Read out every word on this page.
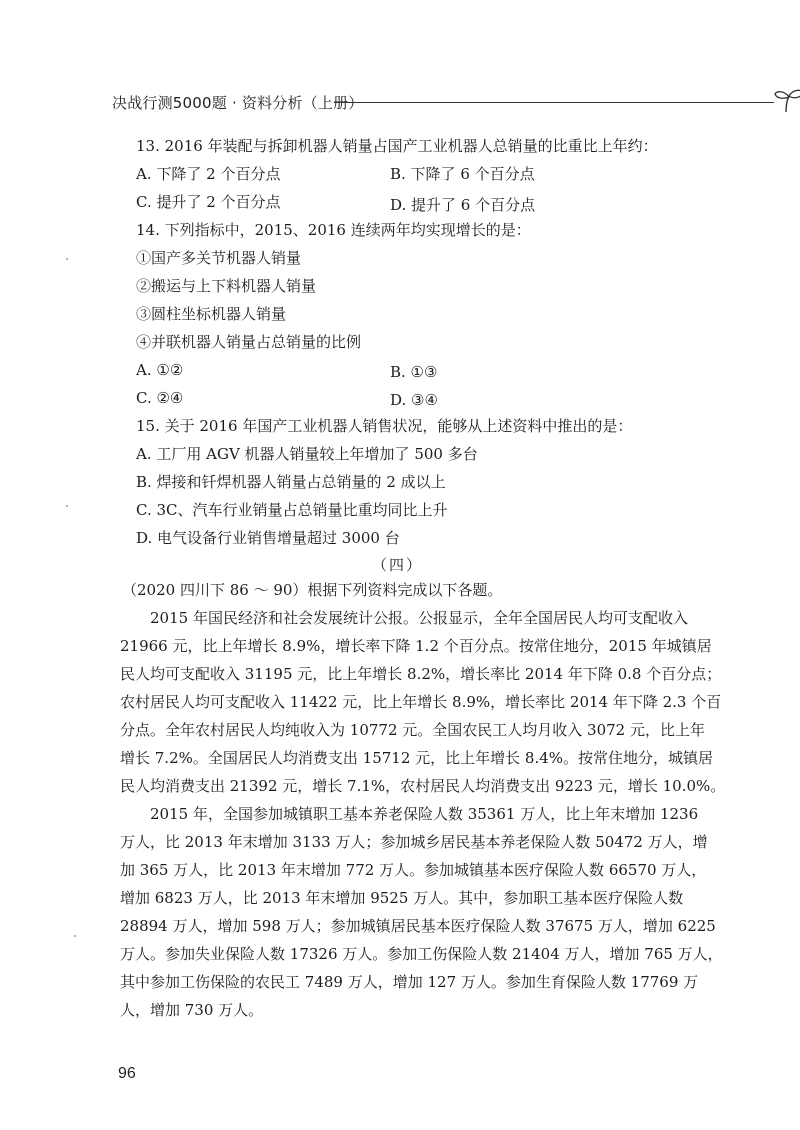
决战行测5000题 · 资料分析（上册）
13. 2016 年装配与拆卸机器人销量占国产工业机器人总销量的比重比上年约：
A. 下降了 2 个百分点	B. 下降了 6 个百分点
C. 提升了 2 个百分点	D. 提升了 6 个百分点
14. 下列指标中，2015、2016 连续两年均实现增长的是：
①国产多关节机器人销量
②搬运与上下料机器人销量
③圆柱坐标机器人销量
④并联机器人销量占总销量的比例
A. ①②	B. ①③
C. ②④	D. ③④
15. 关于 2016 年国产工业机器人销售状况，能够从上述资料中推出的是：
A. 工厂用 AGV 机器人销量较上年增加了 500 多台
B. 焊接和钎焊机器人销量占总销量的 2 成以上
C. 3C、汽车行业销量占总销量比重均同比上升
D. 电气设备行业销售增量超过 3000 台
（四）
（2020 四川下 86 ～ 90）根据下列资料完成以下各题。
2015 年国民经济和社会发展统计公报。公报显示，全年全国居民人均可支配收入
21966 元，比上年增长 8.9%，增长率下降 1.2 个百分点。按常住地分，2015 年城镇居
民人均可支配收入 31195 元，比上年增长 8.2%，增长率比 2014 年下降 0.8 个百分点；
农村居民人均可支配收入 11422 元，比上年增长 8.9%，增长率比 2014 年下降 2.3 个百
分点。全年农村居民人均纯收入为 10772 元。全国农民工人均月收入 3072 元，比上年
增长 7.2%。全国居民人均消费支出 15712 元，比上年增长 8.4%。按常住地分，城镇居
民人均消费支出 21392 元，增长 7.1%，农村居民人均消费支出 9223 元，增长 10.0%。
2015 年，全国参加城镇职工基本养老保险人数 35361 万人，比上年末增加 1236
万人，比 2013 年末增加 3133 万人；参加城乡居民基本养老保险人数 50472 万人，增
加 365 万人，比 2013 年末增加 772 万人。参加城镇基本医疗保险人数 66570 万人，
增加 6823 万人，比 2013 年末增加 9525 万人。其中，参加职工基本医疗保险人数
28894 万人，增加 598 万人；参加城镇居民基本医疗保险人数 37675 万人，增加 6225
万人。参加失业保险人数 17326 万人。参加工伤保险人数 21404 万人，增加 765 万人，
其中参加工伤保险的农民工 7489 万人，增加 127 万人。参加生育保险人数 17769 万
人，增加 730 万人。
96
